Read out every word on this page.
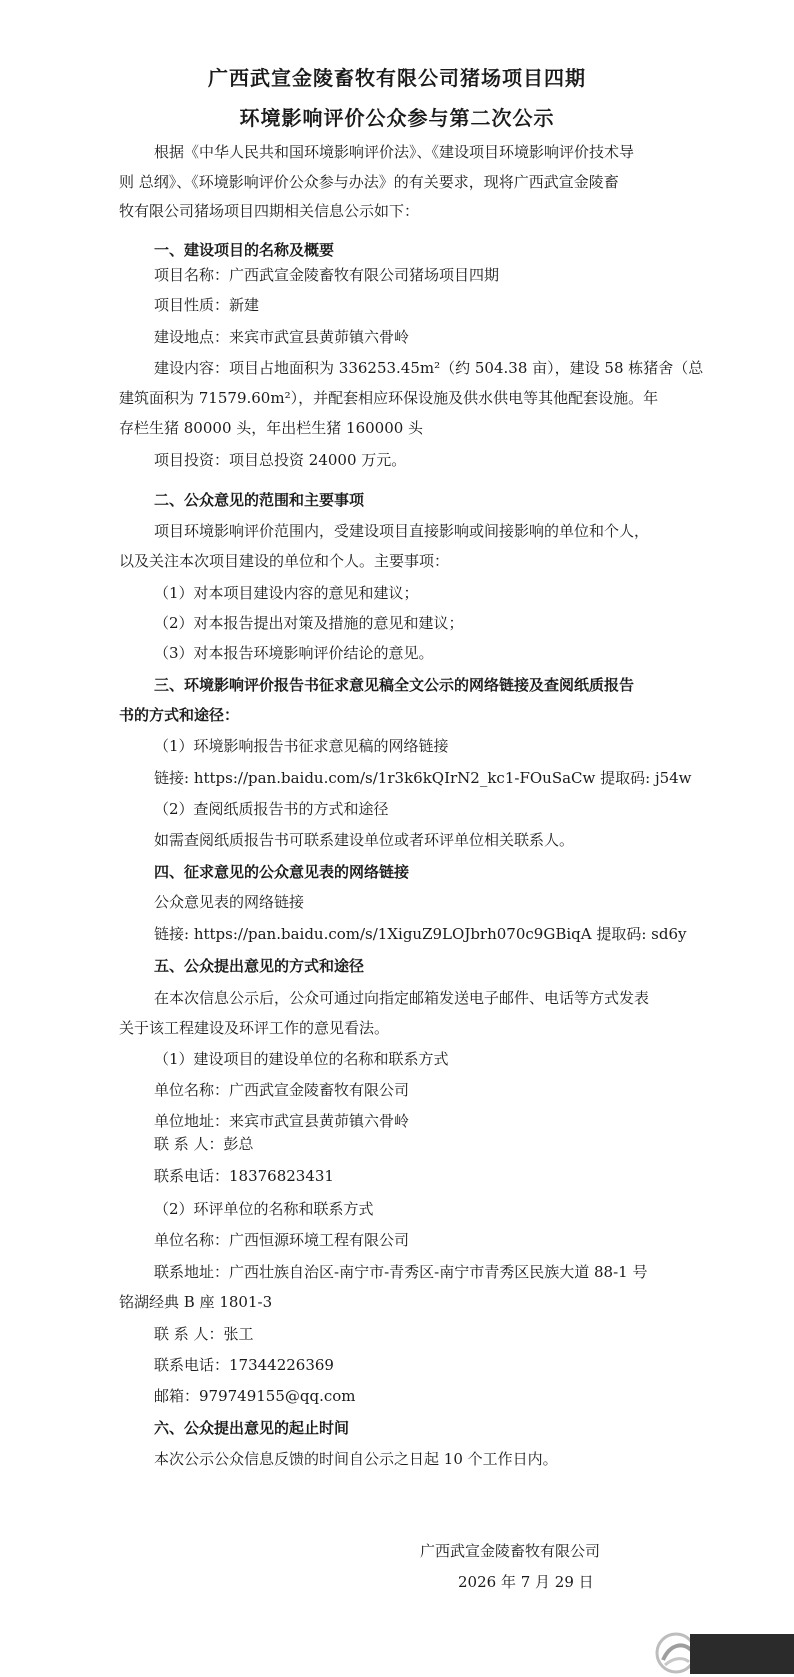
广西武宣金陵畜牧有限公司猪场项目四期
环境影响评价公众参与第二次公示
根据《中华人民共和国环境影响评价法》、《建设项目环境影响评价技术导
则 总纲》、《环境影响评价公众参与办法》的有关要求，现将广西武宣金陵畜
牧有限公司猪场项目四期相关信息公示如下：
一、建设项目的名称及概要
项目名称：广西武宣金陵畜牧有限公司猪场项目四期
项目性质：新建
建设地点：来宾市武宣县黄茆镇六骨岭
建设内容：项目占地面积为 336253.45m²（约 504.38 亩），建设 58 栋猪舍（总
建筑面积为 71579.60m²），并配套相应环保设施及供水供电等其他配套设施。年
存栏生猪 80000 头，年出栏生猪 160000 头
项目投资：项目总投资 24000 万元。
二、公众意见的范围和主要事项
项目环境影响评价范围内，受建设项目直接影响或间接影响的单位和个人，
以及关注本次项目建设的单位和个人。主要事项：
（1）对本项目建设内容的意见和建议；
（2）对本报告提出对策及措施的意见和建议；
（3）对本报告环境影响评价结论的意见。
三、环境影响评价报告书征求意见稿全文公示的网络链接及查阅纸质报告
书的方式和途径：
（1）环境影响报告书征求意见稿的网络链接
链接: https://pan.baidu.com/s/1r3k6kQIrN2_kc1-FOuSaCw 提取码: j54w
（2）查阅纸质报告书的方式和途径
如需查阅纸质报告书可联系建设单位或者环评单位相关联系人。
四、征求意见的公众意见表的网络链接
公众意见表的网络链接
链接: https://pan.baidu.com/s/1XiguZ9LOJbrh070c9GBiqA 提取码: sd6y
五、公众提出意见的方式和途径
在本次信息公示后，公众可通过向指定邮箱发送电子邮件、电话等方式发表
关于该工程建设及环评工作的意见看法。
（1）建设项目的建设单位的名称和联系方式
单位名称：广西武宣金陵畜牧有限公司
单位地址：来宾市武宣县黄茆镇六骨岭
联 系 人：彭总
联系电话：18376823431
（2）环评单位的名称和联系方式
单位名称：广西恒源环境工程有限公司
联系地址：广西壮族自治区-南宁市-青秀区-南宁市青秀区民族大道 88-1 号
铭湖经典 B 座 1801-3
联 系 人：张工
联系电话：17344226369
邮箱：979749155@qq.com
六、公众提出意见的起止时间
本次公示公众信息反馈的时间自公示之日起 10 个工作日内。
广西武宣金陵畜牧有限公司
2026 年 7 月 29 日
